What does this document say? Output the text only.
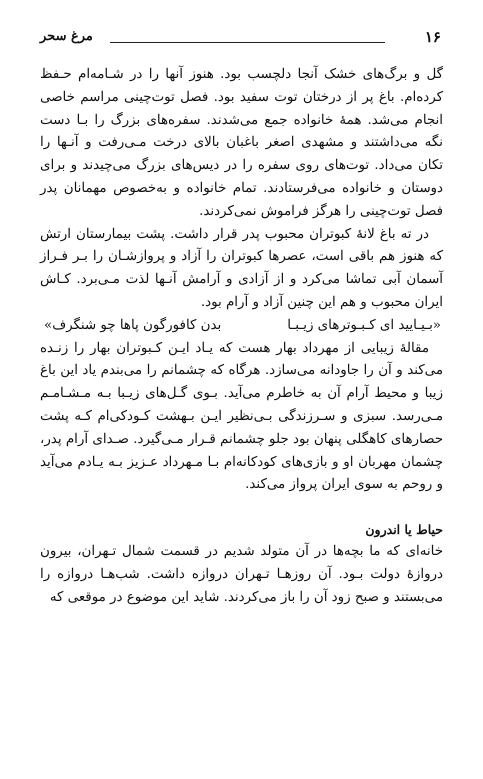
۱۶
مرغ سحر

گل و برگ‌های خشک آنجا دلچسب بود. هنوز آنها را در شـامه‌ام حـفظ کرده‌ام. باغ پر از درختان توت سفید بود. فصل توت‌چینی مراسم خاصی انجام می‌شد. همهٔ خانواده جمع می‌شدند. سفره‌های بزرگ را بـا دست نگه می‌داشتند و مشهدی اصغر باغبان بالای درخت مـی‌رفت و آنـها را تکان می‌داد. توت‌های روی سفره را در دیس‌های بزرگ می‌چیدند و برای دوستان و خانواده می‌فرستادند. تمام خانواده و به‌خصوص مهمانان پدر فصل توت‌چینی را هرگز فراموش نمی‌کردند.

در ته باغ لانهٔ کبوتران محبوب پدر قرار داشت. پشت بیمارستان ارتش که هنوز هم باقی است، عصرها کبوتران را آزاد و پروازشـان را بـر فـراز آسمان آبی تماشا می‌کرد و از آزادی و آرامش آنـها لذت مـی‌برد. کـاش ایران محبوب و هم این چنین آزاد و آرام بود.

«بـیـایید ای کـبـوترهای زیـبـا
بدن کافورگون پاها چو شنگرف»

مقالهٔ زیبایی از مهرداد بهار هست که یـاد ایـن کـبوتران بهار را زنـده می‌کند و آن را جاودانه می‌سازد. هرگاه که چشمانم را می‌بندم یاد این باغ زیبا و محیط آرام آن به خاطرم می‌آید. بـوی گـل‌های زیـبا بـه مـشـامـم مـی‌رسد. سبزی و سـرزندگی بـی‌نظیر ایـن بـهشت کـودکی‌ام کـه پشت حصارهای کاهگلی پنهان بود جلو چشمانم قـرار مـی‌گیرد. صـدای آرام پدر، چشمان مهربان او و بازی‌های کودکانه‌ام بـا مـهرداد عـزیز بـه یـادم می‌آید و روحم به سوی ایران پرواز می‌کند.

حیاط یا اندرون

خانه‌ای که ما بچه‌ها در آن متولد شدیم در قسمت شمال تـهران، بیرون دروازهٔ دولت بـود. آن روزهـا تـهران دروازه داشت. شب‌هـا دروازه را می‌بستند و صبح زود آن را باز می‌کردند. شاید این موضوع در موقعی که
